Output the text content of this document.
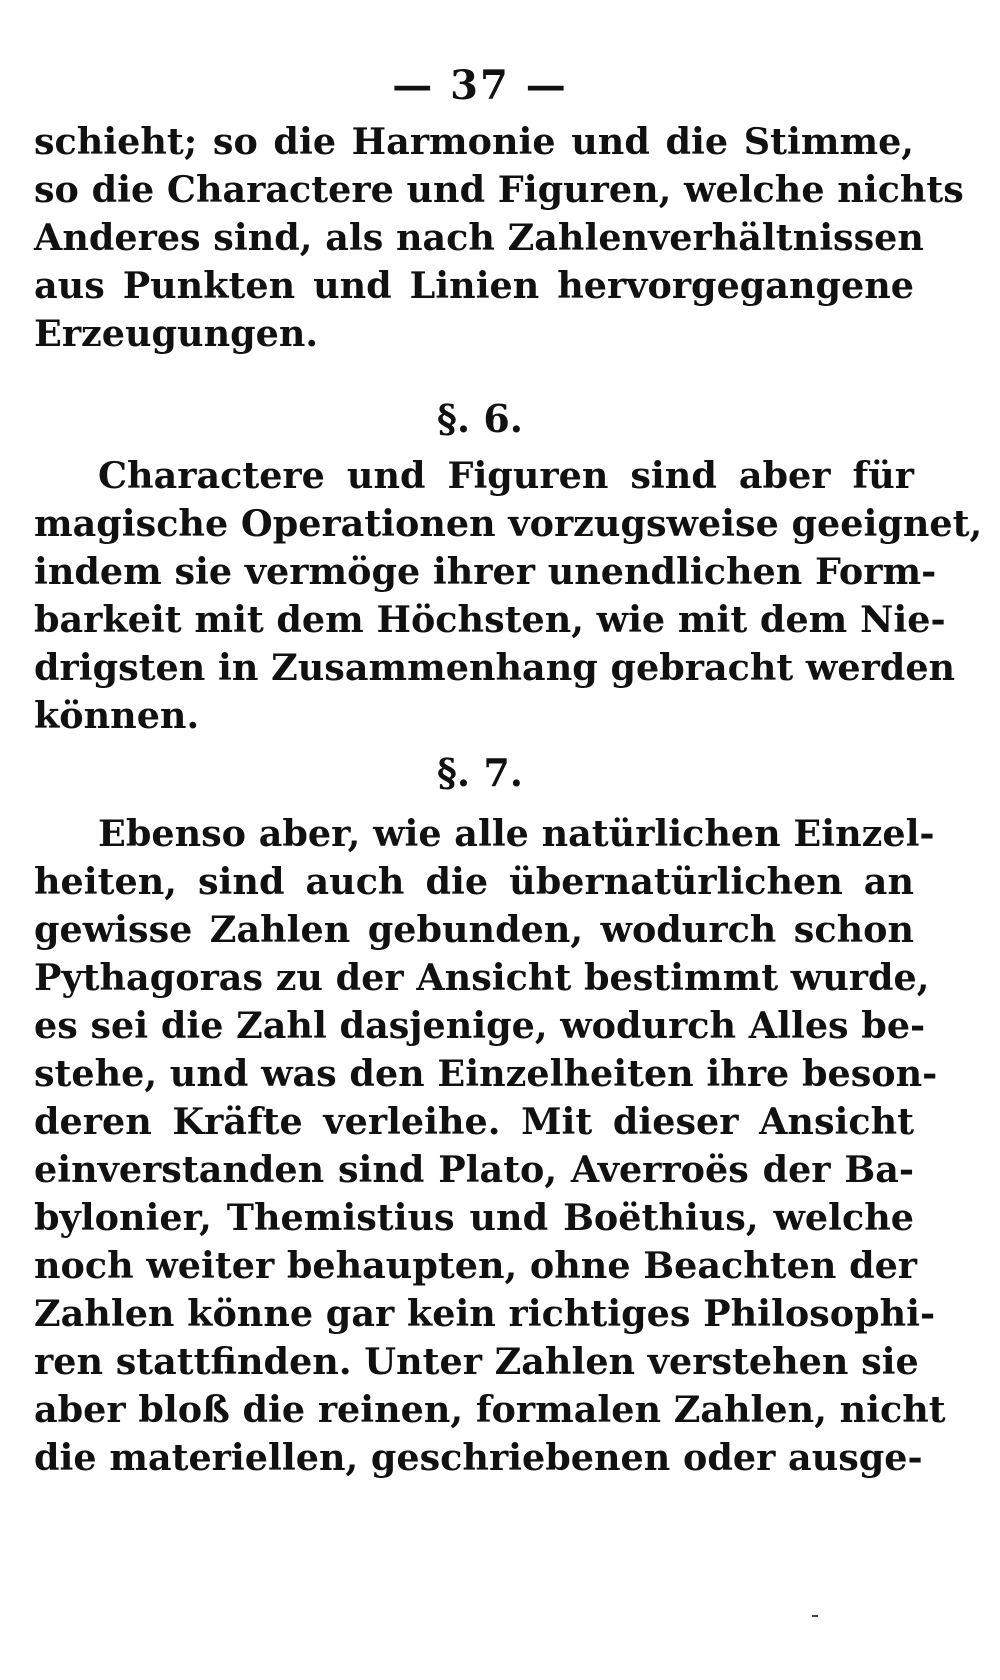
— 37 —
schieht; so die Harmonie und die Stimme,
so die Charactere und Figuren, welche nichts
Anderes sind, als nach Zahlenverhältnissen
aus Punkten und Linien hervorgegangene
Erzeugungen.
§. 6.
Charactere und Figuren sind aber für
magische Operationen vorzugsweise geeignet,
indem sie vermöge ihrer unendlichen Form-
barkeit mit dem Höchsten, wie mit dem Nie-
drigsten in Zusammenhang gebracht werden
können.
§. 7.
Ebenso aber, wie alle natürlichen Einzel-
heiten, sind auch die übernatürlichen an
gewisse Zahlen gebunden, wodurch schon
Pythagoras zu der Ansicht bestimmt wurde,
es sei die Zahl dasjenige, wodurch Alles be-
stehe, und was den Einzelheiten ihre beson-
deren Kräfte verleihe. Mit dieser Ansicht
einverstanden sind Plato, Averroës der Ba-
bylonier, Themistius und Boëthius, welche
noch weiter behaupten, ohne Beachten der
Zahlen könne gar kein richtiges Philosophi-
ren stattfinden. Unter Zahlen verstehen sie
aber bloß die reinen, formalen Zahlen, nicht
die materiellen, geschriebenen oder ausge-
